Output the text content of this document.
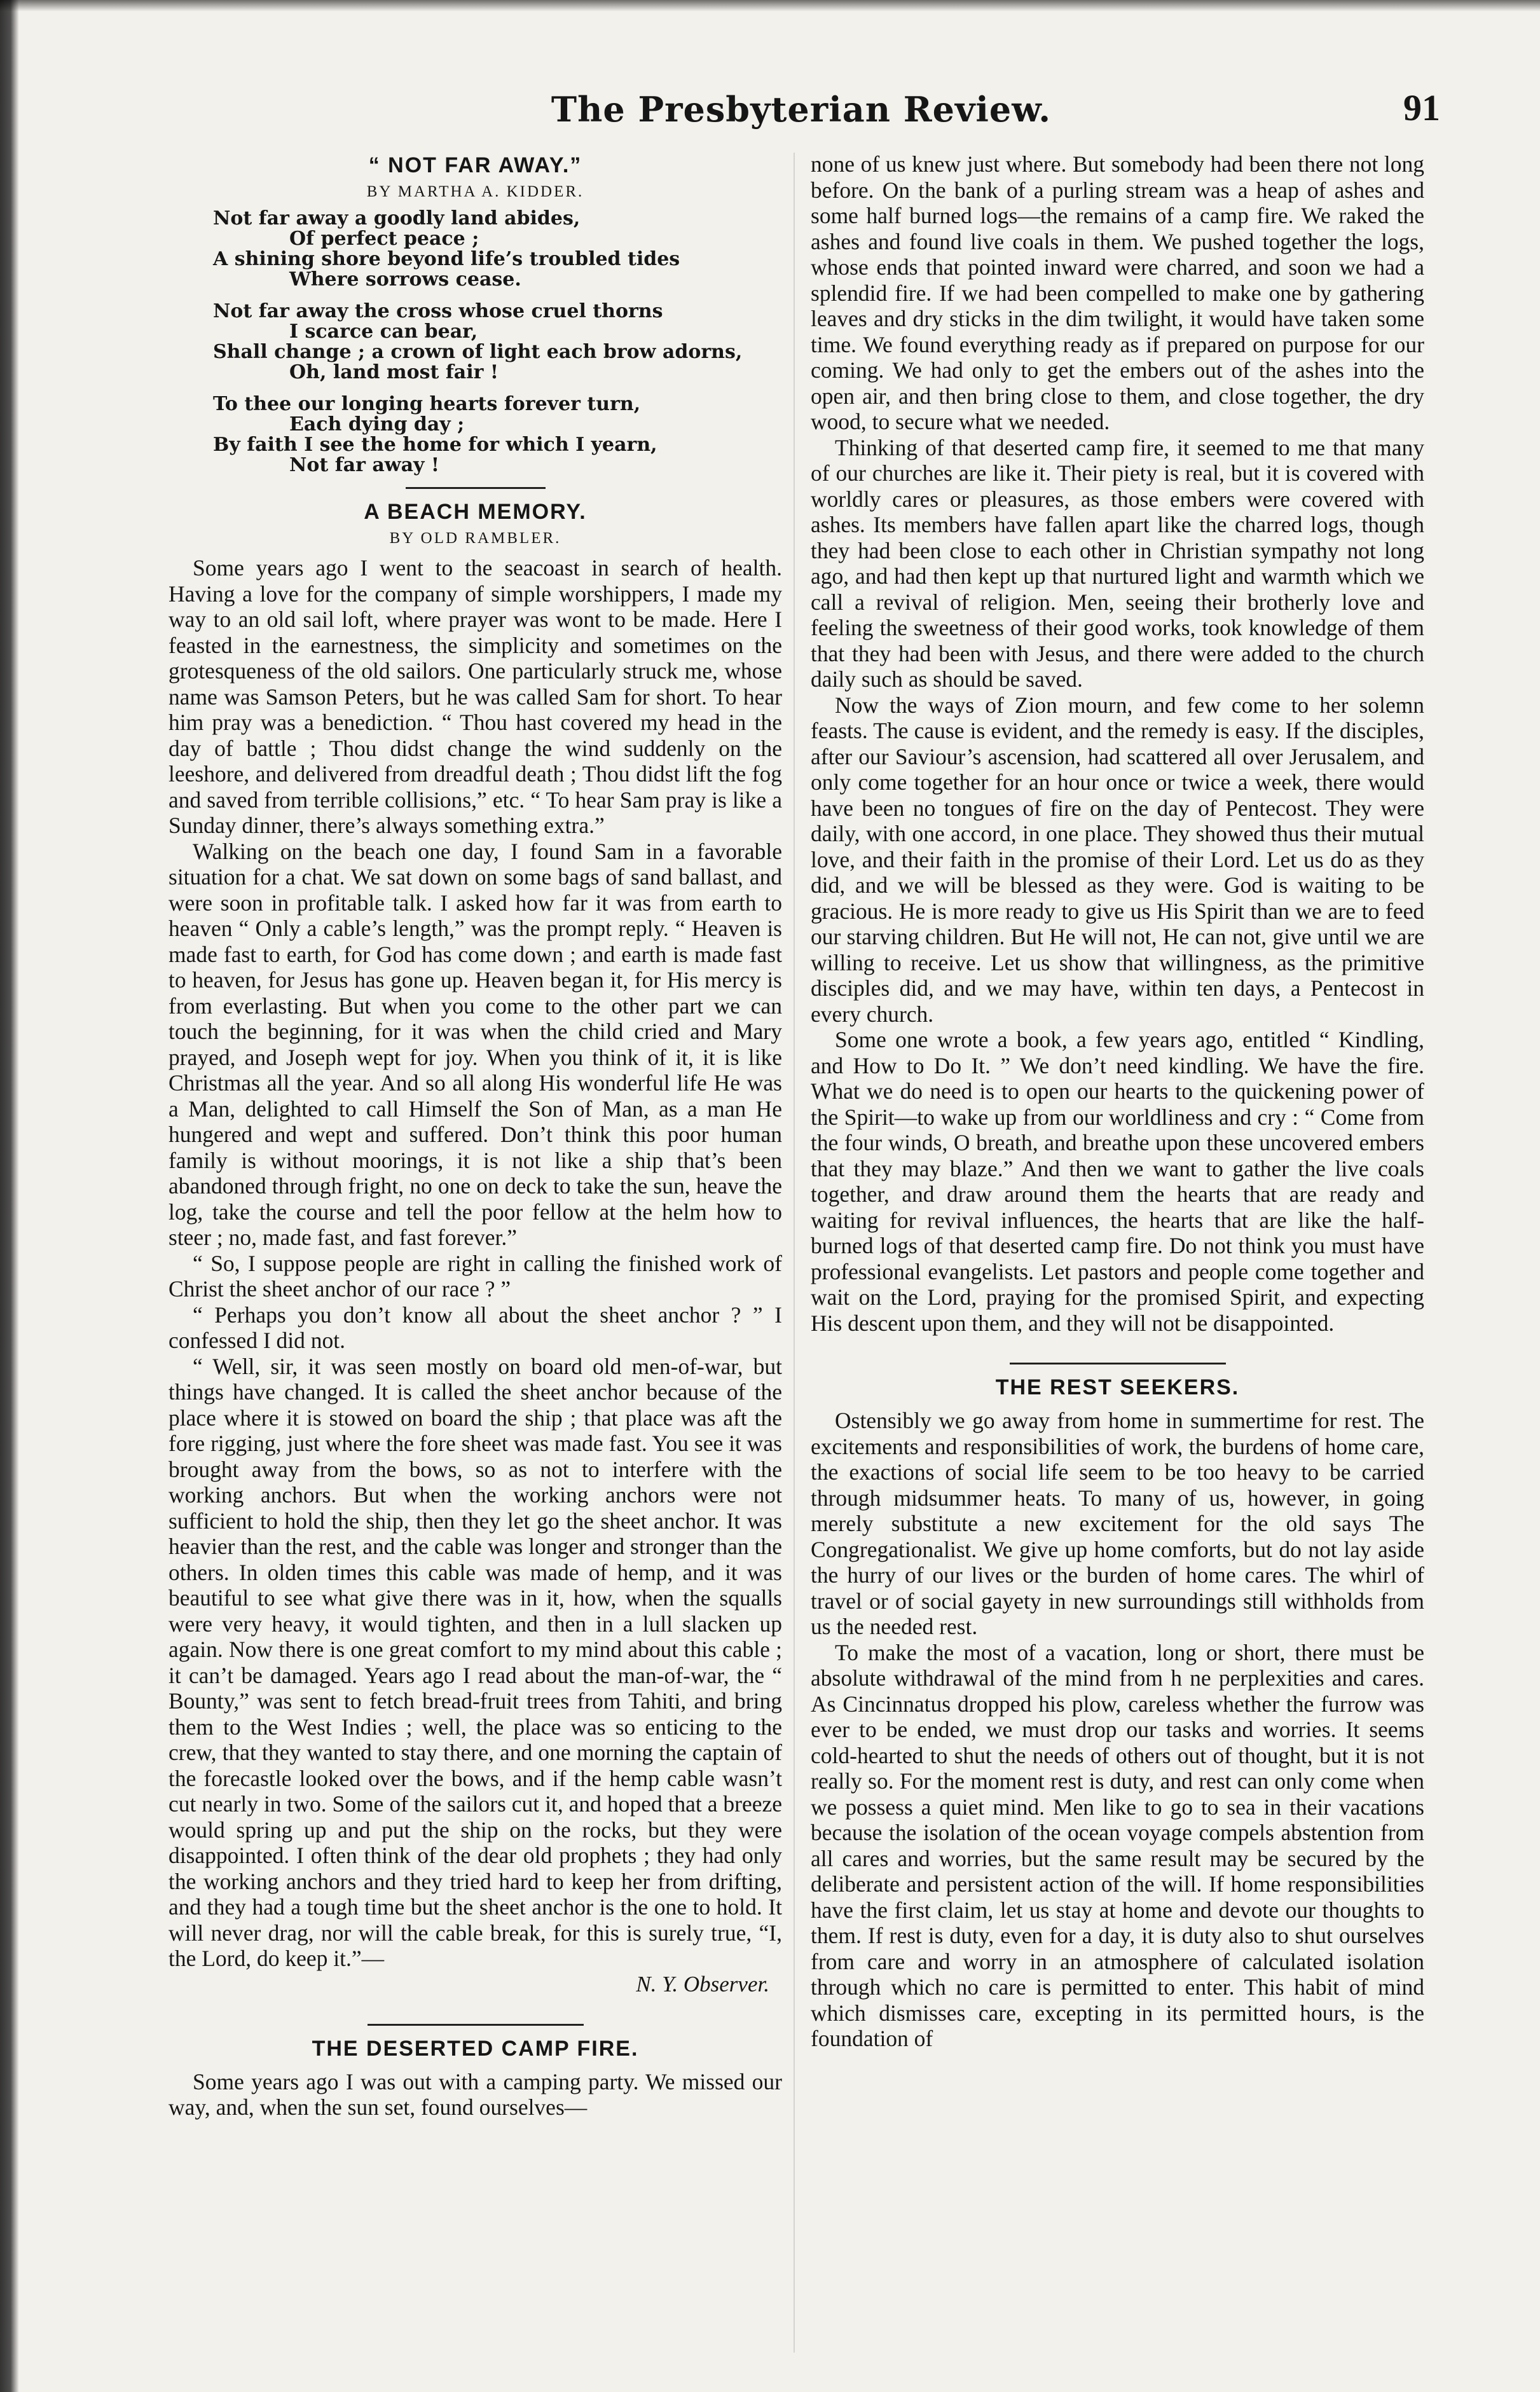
The Presbyterian Review.	91
“ NOT FAR AWAY.”
BY MARTHA A. KIDDER.
Not far away a goodly land abides,
Of perfect peace ;
A shining shore beyond life’s troubled tides
Where sorrows cease.
Not far away the cross whose cruel thorns
I scarce can bear,
Shall change ; a crown of light each brow adorns,
Oh, land most fair !
To thee our longing hearts forever turn,
Each dying day ;
By faith I see the home for which I yearn,
Not far away !
A BEACH MEMORY.
BY OLD RAMBLER.

Some years ago I went to the seacoast in search of health. Having a love for the company of simple worshippers, I made my way to an old sail loft, where prayer was wont to be made. Here I feasted in the earnestness, the simplicity and sometimes on the grotesqueness of the old sailors. One particularly struck me, whose name was Samson Peters, but he was called Sam for short. To hear him pray was a benediction. “ Thou hast covered my head in the day of battle ; Thou didst change the wind suddenly on the leeshore, and delivered from dreadful death ; Thou didst lift the fog and saved from terrible collisions,” etc. “ To hear Sam pray is like a Sunday dinner, there’s always something extra.”

Walking on the beach one day, I found Sam in a favorable situation for a chat. We sat down on some bags of sand ballast, and were soon in profitable talk. I asked how far it was from earth to heaven “ Only a cable’s length,” was the prompt reply. “ Heaven is made fast to earth, for God has come down ; and earth is made fast to heaven, for Jesus has gone up. Heaven began it, for His mercy is from everlasting. But when you come to the other part we can touch the beginning, for it was when the child cried and Mary prayed, and Joseph wept for joy. When you think of it, it is like Christmas all the year. And so all along His wonderful life He was a Man, delighted to call Himself the Son of Man, as a man He hungered and wept and suffered. Don’t think this poor human family is without moorings, it is not like a ship that’s been abandoned through fright, no one on deck to take the sun, heave the log, take the course and tell the poor fellow at the helm how to steer ; no, made fast, and fast forever.”

“ So, I suppose people are right in calling the finished work of Christ the sheet anchor of our race ? ”

“ Perhaps you don’t know all about the sheet anchor ? ” I confessed I did not.

“ Well, sir, it was seen mostly on board old men-of-war, but things have changed. It is called the sheet anchor because of the place where it is stowed on board the ship ; that place was aft the fore rigging, just where the fore sheet was made fast. You see it was brought away from the bows, so as not to interfere with the working anchors. But when the working anchors were not sufficient to hold the ship, then they let go the sheet anchor. It was heavier than the rest, and the cable was longer and stronger than the others. In olden times this cable was made of hemp, and it was beautiful to see what give there was in it, how, when the squalls were very heavy, it would tighten, and then in a lull slacken up again. Now there is one great comfort to my mind about this cable ; it can’t be damaged. Years ago I read about the man-of-war, the “ Bounty,” was sent to fetch bread-fruit trees from Tahiti, and bring them to the West Indies ; well, the place was so enticing to the crew, that they wanted to stay there, and one morning the captain of the forecastle looked over the bows, and if the hemp cable wasn’t cut nearly in two. Some of the sailors cut it, and hoped that a breeze would spring up and put the ship on the rocks, but they were disappointed. I often think of the dear old prophets ; they had only the working anchors and they tried hard to keep her from drifting, and they had a tough time but the sheet anchor is the one to hold. It will never drag, nor will the cable break, for this is surely true, “I, the Lord, do keep it.”—

N. Y. Observer.

THE DESERTED CAMP FIRE.

Some years ago I was out with a camping party. We missed our way, and, when the sun set, found ourselves—

none of us knew just where. But somebody had been there not long before. On the bank of a purling stream was a heap of ashes and some half burned logs—the remains of a camp fire. We raked the ashes and found live coals in them. We pushed together the logs, whose ends that pointed inward were charred, and soon we had a splendid fire. If we had been compelled to make one by gathering leaves and dry sticks in the dim twilight, it would have taken some time. We found everything ready as if prepared on purpose for our coming. We had only to get the embers out of the ashes into the open air, and then bring close to them, and close together, the dry wood, to secure what we needed.

Thinking of that deserted camp fire, it seemed to me that many of our churches are like it. Their piety is real, but it is covered with worldly cares or pleasures, as those embers were covered with ashes. Its members have fallen apart like the charred logs, though they had been close to each other in Christian sympathy not long ago, and had then kept up that nurtured light and warmth which we call a revival of religion. Men, seeing their brotherly love and feeling the sweetness of their good works, took knowledge of them that they had been with Jesus, and there were added to the church daily such as should be saved.

Now the ways of Zion mourn, and few come to her solemn feasts. The cause is evident, and the remedy is easy. If the disciples, after our Saviour’s ascension, had scattered all over Jerusalem, and only come together for an hour once or twice a week, there would have been no tongues of fire on the day of Pentecost. They were daily, with one accord, in one place. They showed thus their mutual love, and their faith in the promise of their Lord. Let us do as they did, and we will be blessed as they were. God is waiting to be gracious. He is more ready to give us His Spirit than we are to feed our starving children. But He will not, He can not, give until we are willing to receive. Let us show that willingness, as the primitive disciples did, and we may have, within ten days, a Pentecost in every church.

Some one wrote a book, a few years ago, entitled “ Kindling, and How to Do It. ” We don’t need kindling. We have the fire. What we do need is to open our hearts to the quickening power of the Spirit—to wake up from our worldliness and cry : “ Come from the four winds, O breath, and breathe upon these uncovered embers that they may blaze.” And then we want to gather the live coals together, and draw around them the hearts that are ready and waiting for revival influences, the hearts that are like the half-burned logs of that deserted camp fire. Do not think you must have professional evangelists. Let pastors and people come together and wait on the Lord, praying for the promised Spirit, and expecting His descent upon them, and they will not be disappointed.

THE REST SEEKERS.

Ostensibly we go away from home in summertime for rest. The excitements and responsibilities of work, the burdens of home care, the exactions of social life seem to be too heavy to be carried through midsummer heats. To many of us, however, in going merely substitute a new excitement for the old says The Congregationalist. We give up home comforts, but do not lay aside the hurry of our lives or the burden of home cares. The whirl of travel or of social gayety in new surroundings still withholds from us the needed rest.

To make the most of a vacation, long or short, there must be absolute withdrawal of the mind from h ne perplexities and cares. As Cincinnatus dropped his plow, careless whether the furrow was ever to be ended, we must drop our tasks and worries. It seems cold-hearted to shut the needs of others out of thought, but it is not really so. For the moment rest is duty, and rest can only come when we possess a quiet mind. Men like to go to sea in their vacations because the isolation of the ocean voyage compels abstention from all cares and worries, but the same result may be secured by the deliberate and persistent action of the will. If home responsibilities have the first claim, let us stay at home and devote our thoughts to them. If rest is duty, even for a day, it is duty also to shut ourselves from care and worry in an atmosphere of calculated isolation through which no care is permitted to enter. This habit of mind which dismisses care, excepting in its permitted hours, is the foundation of
